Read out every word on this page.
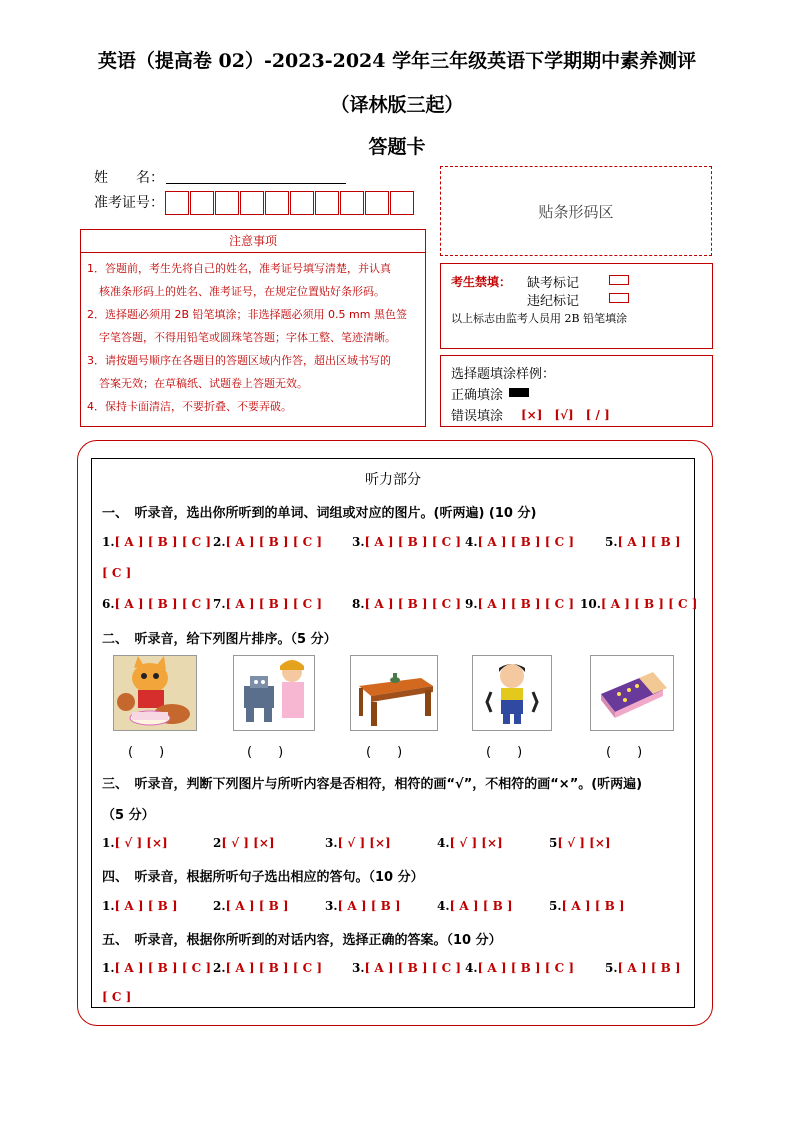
英语（提高卷 02）-2023-2024 学年三年级英语下学期期中素养测评
（译林版三起）
答题卡
姓　　名：
准考证号：	贴条形码区
注意事项
1．答题前，考生先将自己的姓名，准考证号填写清楚，并认真
核准条形码上的姓名、准考证号，在规定位置贴好条形码。
2．选择题必须用 2B 铅笔填涂；非选择题必须用 0.5 mm 黑色签
字笔答题，不得用铅笔或圆珠笔答题；字体工整、笔迹清晰。
3．请按题号顺序在各题目的答题区域内作答，超出区域书写的
答案无效；在草稿纸、试题卷上答题无效。
4．保持卡面清洁，不要折叠、不要弄破。
考生禁填： 缺考标记
违纪标记
以上标志由监考人员用 2B 铅笔填涂
选择题填涂样例：
正确填涂
错误填涂 [×]　[√]　[ / ]
听力部分
一、　听录音，选出你所听到的单词、词组或对应的图片。(听两遍) (10 分)
1.[ A ] [ B ] [ C ] 2.[ A ] [ B ] [ C ] 3.[ A ] [ B ] [ C ] 4.[ A ] [ B ] [ C ]	5.[ A ] [ B ]
[ C ]
6.[ A ] [ B ] [ C ] 7.[ A ] [ B ] [ C ] 8.[ A ] [ B ] [ C ] 9.[ A ] [ B ] [ C ] 10.[ A ] [ B ] [ C ]
二、　听录音，给下列图片排序。（5 分）
(　　)	(　　)	(　　)	(　　)	(　　)
三、　听录音，判断下列图片与所听内容是否相符，相符的画“√”，不相符的画“×”。(听两遍)
（5 分）
1.[ √ ] [×]	2[ √ ] [×]	3.[ √ ] [×]	4.[ √ ] [×]	5[ √ ] [×]
四、　听录音，根据所听句子选出相应的答句。（10 分）
1.[ A ] [ B ]	2.[ A ] [ B ]	3.[ A ] [ B ]	4.[ A ] [ B ]	5.[ A ] [ B ]
五、　听录音，根据你所听到的对话内容，选择正确的答案。（10 分）
1.[ A ] [ B ] [ C ] 2.[ A ] [ B ] [ C ] 3.[ A ] [ B ] [ C ] 4.[ A ] [ B ] [ C ]	5.[ A ] [ B ]
[ C ]
